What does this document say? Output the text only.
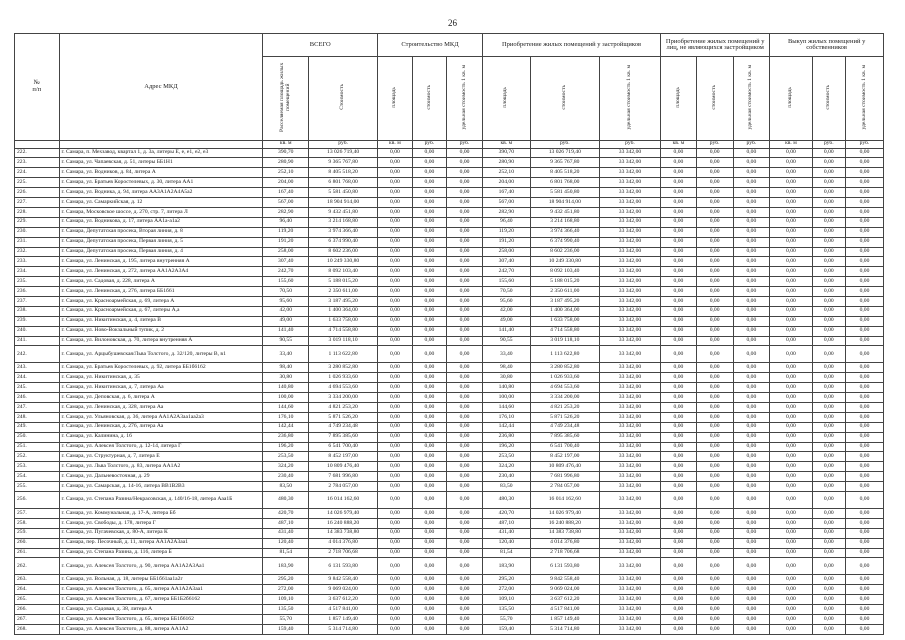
26
№
п/п	Адрес МКД	ВСЕГО		Строительство МКД			Приобретение жилых помещений у застройщиков			Приобретение жилых помещений у лиц, не являющихся застройщиком			Выкуп жилых помещений у собственников		
		Расселяемая площадь жилых помещений	Стоимость	площадь	стоимость	удельная стоимость 1 кв. м	площадь	стоимость	удельная стоимость 1 кв. м	площадь	стоимость	удельная стоимость 1 кв. м	площадь	стоимость	удельная стоимость 1 кв. м
		кв. м	руб.	кв. м	руб.	руб.	кв. м	руб.	руб.	кв. м	руб.	руб.	кв. м	руб.	руб.
222.	г. Самара, п. Мехзавод, квартал 1, д. 3а, литеры Е, е, е1, е2, е3	390,70	13 026 719,40	0,00	0,00	0,00	390,70	13 026 719,40	33 342,00	0,00	0,00	0,00	0,00	0,00	0,00
223.	г. Самара, ул. Чапаевская, д. 51, литеры ББ1Н1	280,90	9 365 767,80	0,00	0,00	0,00	280,90	9 365 767,80	33 342,00	0,00	0,00	0,00	0,00	0,00	0,00
224.	г. Самара, ул. Водников, д. 84, литера А	252,10	8 405 518,20	0,00	0,00	0,00	252,10	8 405 518,20	33 342,00	0,00	0,00	0,00	0,00	0,00	0,00
225.	г. Самара, ул. Братьев Коростелевых, д. 30, литера АА1	204,00	6 801 768,00	0,00	0,00	0,00	204,00	6 801 768,00	33 342,00	0,00	0,00	0,00	0,00	0,00	0,00
226.	г. Самара, ул. Водника, д. 94, литера АА3А1А2А4А5а2	167,40	5 581 450,80	0,00	0,00	0,00	167,40	5 581 450,80	33 342,00	0,00	0,00	0,00	0,00	0,00	0,00
227.	г. Самара, ул. Самаркийская, д. 12	567,00	18 904 914,00	0,00	0,00	0,00	567,00	18 904 914,00	33 342,00	0,00	0,00	0,00	0,00	0,00	0,00
228.	г. Самара, Московское шоссе, д. 270, стр. 7, литера Л	282,90	9 432 451,80	0,00	0,00	0,00	282,90	9 432 451,80	33 342,00	0,00	0,00	0,00	0,00	0,00	0,00
229.	г. Самара, ул. Водникова, д. 17, литера АА1а-а1а2	96,40	3 214 168,80	0,00	0,00	0,00	96,40	3 214 168,80	33 342,00	0,00	0,00	0,00	0,00	0,00	0,00
230.	г. Самара, Депутатская просека, Вторая линия, д. 8	119,20	3 974 366,40	0,00	0,00	0,00	119,20	3 974 366,40	33 342,00	0,00	0,00	0,00	0,00	0,00	0,00
231.	г. Самара, Депутатская просека, Первая линия, д. 5	191,20	6 374 990,40	0,00	0,00	0,00	191,20	6 374 990,40	33 342,00	0,00	0,00	0,00	0,00	0,00	0,00
232.	г. Самара, Депутатская просека, Первая линия, д. 4	258,00	8 602 236,00	0,00	0,00	0,00	258,00	8 602 236,00	33 342,00	0,00	0,00	0,00	0,00	0,00	0,00
233.	г. Самара, ул. Ленинская, д. 195, литера внутренняя А	307,40	10 249 330,80	0,00	0,00	0,00	307,40	10 249 330,80	33 342,00	0,00	0,00	0,00	0,00	0,00	0,00
234.	г. Самара, ул. Ленинская, д. 272, литера АА1А2А3А4	242,70	8 092 103,40	0,00	0,00	0,00	242,70	8 092 103,40	33 342,00	0,00	0,00	0,00	0,00	0,00	0,00
235.	г. Самара, ул. Садовая, д. 228, литера А	155,60	5 188 015,20	0,00	0,00	0,00	155,60	5 188 015,20	33 342,00	0,00	0,00	0,00	0,00	0,00	0,00
236.	г. Самара, ул. Ленинская, д. 276, литера ББ1б61	70,50	2 350 611,00	0,00	0,00	0,00	70,50	2 350 611,00	33 342,00	0,00	0,00	0,00	0,00	0,00	0,00
237.	г. Самара, ул. Красноармейская, д. 69, литера А	95,60	3 187 495,20	0,00	0,00	0,00	95,60	3 187 495,20	33 342,00	0,00	0,00	0,00	0,00	0,00	0,00
238.	г. Самара, ул. Красноармейская, д. 67, литеры А,а	42,00	1 400 364,00	0,00	0,00	0,00	42,00	1 400 364,00	33 342,00	0,00	0,00	0,00	0,00	0,00	0,00
239.	г. Самара, ул. Никитинская, д. 4, литера В	49,00	1 633 758,00	0,00	0,00	0,00	49,00	1 633 758,00	33 342,00	0,00	0,00	0,00	0,00	0,00	0,00
240.	г. Самара, ул. Ново-Вокзальный тупик, д. 2	141,40	4 714 558,80	0,00	0,00	0,00	141,40	4 714 558,80	33 342,00	0,00	0,00	0,00	0,00	0,00	0,00
241.	г. Самара, ул. Вилоновская, д. 70, литера внутренняя А	90,55	3 019 118,10	0,00	0,00	0,00	90,55	3 019 118,10	33 342,00	0,00	0,00	0,00	0,00	0,00	0,00
242.	г. Самара, ул. Арцыбушевская/Льва Толстого, д. 32/120, литеры В, в1	33,40	1 113 622,80	0,00	0,00	0,00	33,40	1 113 622,80	33 342,00	0,00	0,00	0,00	0,00	0,00	0,00
243.	г. Самара, ул. Братьев Коростелевых, д. 92, литера ББ1б6162	98,40	3 280 852,80	0,00	0,00	0,00	98,40	3 280 852,80	33 342,00	0,00	0,00	0,00	0,00	0,00	0,00
244.	г. Самара, ул. Никитинская, д. 35	30,80	1 026 933,60	0,00	0,00	0,00	30,80	1 026 933,60	33 342,00	0,00	0,00	0,00	0,00	0,00	0,00
245.	г. Самара, ул. Никитинская, д. 7, литера Аа	140,80	4 694 553,60	0,00	0,00	0,00	140,80	4 694 553,60	33 342,00	0,00	0,00	0,00	0,00	0,00	0,00
246.	г. Самара, ул. Деповская, д. 6, литера А	100,00	3 334 200,00	0,00	0,00	0,00	100,00	3 334 200,00	33 342,00	0,00	0,00	0,00	0,00	0,00	0,00
247.	г. Самара, ул. Ленинская, д. 328, литера Аа	144,60	4 821 253,20	0,00	0,00	0,00	144,60	4 821 253,20	33 342,00	0,00	0,00	0,00	0,00	0,00	0,00
248.	г. Самара, ул. Ульяновская, д. 36, литера АА1А2А3аа1аа2а3	176,10	5 871 526,20	0,00	0,00	0,00	176,10	5 871 526,20	33 342,00	0,00	0,00	0,00	0,00	0,00	0,00
249.	г. Самара, ул. Ленинская, д. 276, литера Аа	142,44	4 749 234,48	0,00	0,00	0,00	142,44	4 749 234,48	33 342,00	0,00	0,00	0,00	0,00	0,00	0,00
250.	г. Самара, ул. Калинина, д. 16	236,80	7 895 385,60	0,00	0,00	0,00	236,80	7 895 385,60	33 342,00	0,00	0,00	0,00	0,00	0,00	0,00
251.	г. Самара, ул. Алексея Толстого, д. 12-14, литера Г	196,20	6 541 700,40	0,00	0,00	0,00	196,20	6 541 700,40	33 342,00	0,00	0,00	0,00	0,00	0,00	0,00
252.	г. Самара, ул. Структурная, д. 7, литера Е	253,50	8 452 197,00	0,00	0,00	0,00	253,50	8 452 197,00	33 342,00	0,00	0,00	0,00	0,00	0,00	0,00
253.	г. Самара, ул. Льва Толстого, д. 83, литера АА1А2	324,20	10 809 476,40	0,00	0,00	0,00	324,20	10 809 476,40	33 342,00	0,00	0,00	0,00	0,00	0,00	0,00
254.	г. Самара, ул. Дальневосточная, д. 29	230,40	7 681 996,80	0,00	0,00	0,00	230,40	7 681 996,80	33 342,00	0,00	0,00	0,00	0,00	0,00	0,00
255.	г. Самара, ул. Самарская, д. 14-16, литера ВВ1В2В3	83,50	2 784 057,00	0,00	0,00	0,00	83,50	2 784 057,00	33 342,00	0,00	0,00	0,00	0,00	0,00	0,00
256.	г. Самара, ул. Степана Разина/Некрасовская, д. 140/16-18, литера Ааа1Б	480,30	16 014 162,60	0,00	0,00	0,00	480,30	16 014 162,60	33 342,00	0,00	0,00	0,00	0,00	0,00	0,00
257.	г. Самара, ул. Коммунальная, д. 17-А, литера Бб	420,70	14 026 979,40	0,00	0,00	0,00	420,70	14 026 979,40	33 342,00	0,00	0,00	0,00	0,00	0,00	0,00
258.	г. Самара, ул. Свободы, д. 178, литера Г	487,10	16 240 888,20	0,00	0,00	0,00	487,10	16 240 888,20	33 342,00	0,00	0,00	0,00	0,00	0,00	0,00
259.	г. Самара, ул. Пугачевская, д. 80-А, литера К	431,40	14 383 738,80	0,00	0,00	0,00	431,40	14 383 738,80	33 342,00	0,00	0,00	0,00	0,00	0,00	0,00
260.	г. Самара, пер. Песочный, д. 11, литера АА1А2А3аа1	120,40	4 014 376,80	0,00	0,00	0,00	120,40	4 014 376,80	33 342,00	0,00	0,00	0,00	0,00	0,00	0,00
261.	г. Самара, ул. Степана Разина, д. 116, литера Б	81,54	2 718 706,68	0,00	0,00	0,00	81,54	2 718 706,68	33 342,00	0,00	0,00	0,00	0,00	0,00	0,00
262.	г. Самара, ул. Алексея Толстого, д. 90, литера АА1А2А3Аа1	183,90	6 131 593,80	0,00	0,00	0,00	183,90	6 131 593,80	33 342,00	0,00	0,00	0,00	0,00	0,00	0,00
263.	г. Самара, ул. Вольная, д. 18, литеры ББ1б61аа1а2г	295,20	9 842 558,40	0,00	0,00	0,00	295,20	9 842 558,40	33 342,00	0,00	0,00	0,00	0,00	0,00	0,00
264.	г. Самара, ул. Алексея Толстого, д. 65, литера АА1А2А3аа1	272,00	9 069 024,00	0,00	0,00	0,00	272,00	9 069 024,00	33 342,00	0,00	0,00	0,00	0,00	0,00	0,00
265.	г. Самара, ул. Алексея Толстого, д. 67, литера ББ1Б2б6162	109,10	3 637 612,20	0,00	0,00	0,00	109,10	3 637 612,20	33 342,00	0,00	0,00	0,00	0,00	0,00	0,00
266.	г. Самара, ул. Садовая, д. 38, литера А	135,50	4 517 841,00	0,00	0,00	0,00	135,50	4 517 841,00	33 342,00	0,00	0,00	0,00	0,00	0,00	0,00
267.	г. Самара, ул. Алексея Толстого, д. 65, литера ББ1б6162	55,70	1 857 149,40	0,00	0,00	0,00	55,70	1 857 149,40	33 342,00	0,00	0,00	0,00	0,00	0,00	0,00
268.	г. Самара, ул. Алексея Толстого, д. 88, литера АА1А2	159,40	5 314 714,80	0,00	0,00	0,00	159,40	5 314 714,80	33 342,00	0,00	0,00	0,00	0,00	0,00	0,00
